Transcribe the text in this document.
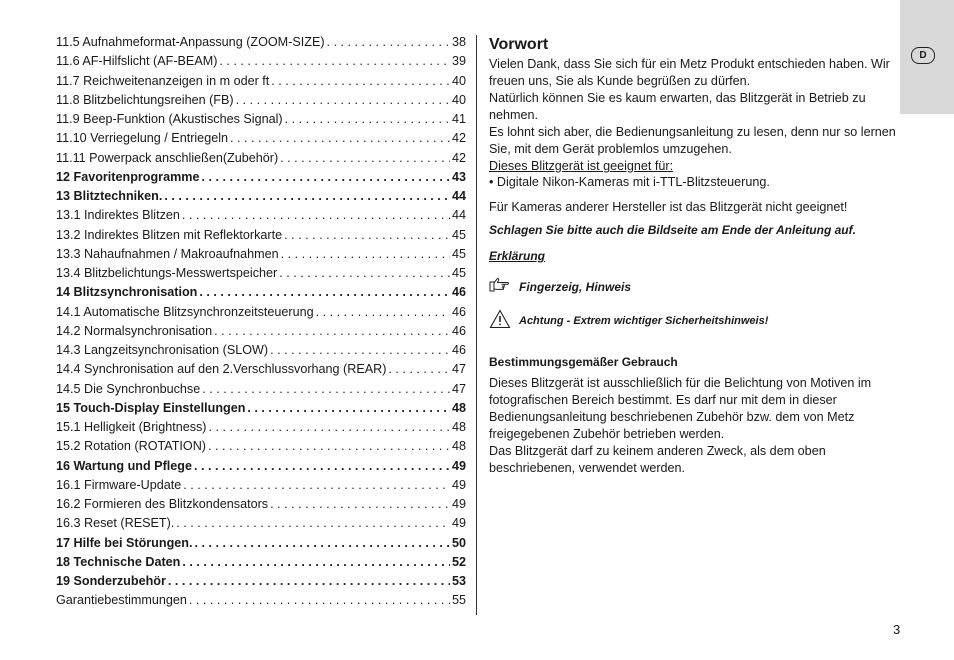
11.5 Aufnahmeformat-Anpassung (ZOOM-SIZE) . . .	38
11.6 AF-Hilfslicht (AF-BEAM) . . .	39
11.7 Reichweitenanzeigen in m oder ft . . .	40
11.8 Blitzbelichtungsreihen (FB) . . .	40
11.9 Beep-Funktion (Akustisches Signal) . . .	41
11.10 Verriegelung / Entriegeln . . .	42
11.11 Powerpack anschließen(Zubehör) . . .	42
12 Favoritenprogramme . . .	43
13 Blitztechniken. . . .	44
13.1 Indirektes Blitzen . . .	44
13.2 Indirektes Blitzen mit Reflektorkarte . . .	45
13.3 Nahaufnahmen / Makroaufnahmen . . .	45
13.4 Blitzbelichtungs-Messwertspeicher . . .	45
14 Blitzsynchronisation . . .	46
14.1 Automatische Blitzsynchronzeitsteuerung . . .	46
14.2 Normalsynchronisation . . .	46
14.3 Langzeitsynchronisation (SLOW) . . .	46
14.4 Synchronisation auf den 2.Verschlussvorhang (REAR) . . .	47
14.5 Die Synchronbuchse . . .	47
15 Touch-Display Einstellungen . . .	48
15.1 Helligkeit (Brightness) . . .	48
15.2 Rotation (ROTATION) . . .	48
16 Wartung und Pflege . . .	49
16.1 Firmware-Update . . .	49
16.2 Formieren des Blitzkondensators . . .	49
16.3 Reset (RESET). . . .	49
17 Hilfe bei Störungen. . . .	50
18 Technische Daten . . .	52
19 Sonderzubehör . . .	53
Garantiebestimmungen . . .	55
Vorwort

Vielen Dank, dass Sie sich für ein Metz Produkt entschieden haben. Wir freuen uns, Sie als Kunde begrüßen zu dürfen.

Natürlich können Sie es kaum erwarten, das Blitzgerät in Betrieb zu nehmen.

Es lohnt sich aber, die Bedienungsanleitung zu lesen, denn nur so lernen Sie, mit dem Gerät problemlos umzugehen.

Dieses Blitzgerät ist geeignet für:

• Digitale Nikon-Kameras mit i-TTL-Blitzsteuerung.

Für Kameras anderer Hersteller ist das Blitzgerät nicht geeignet!

Schlagen Sie bitte auch die Bildseite am Ende der Anleitung auf.

Erklärung

Fingerzeig, Hinweis
Achtung - Extrem wichtiger Sicherheitshinweis!

Bestimmungsgemäßer Gebrauch

Dieses Blitzgerät ist ausschließlich für die Belichtung von Motiven im fotografischen Bereich bestimmt. Es darf nur mit dem in dieser Bedienungsanleitung beschriebenen Zubehör bzw. dem von Metz freigegebenen Zubehör betrieben werden.

Das Blitzgerät darf zu keinem anderen Zweck, als dem oben beschriebenen, verwendet werden.

D
3
